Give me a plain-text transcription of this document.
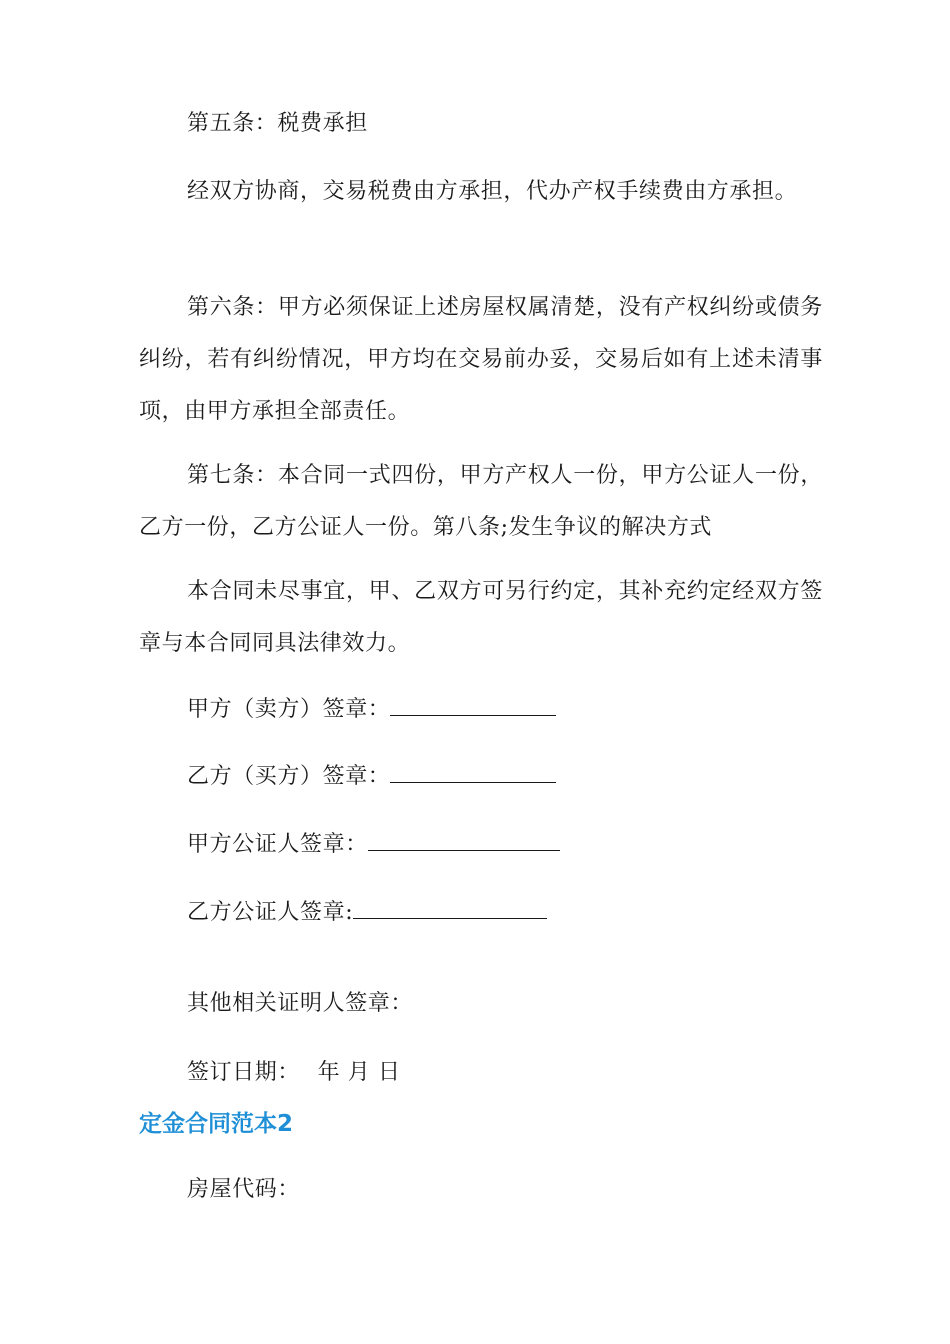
第五条：税费承担

经双方协商，交易税费由方承担，代办产权手续费由方承担。

第六条：甲方必须保证上述房屋权属清楚，没有产权纠纷或债务纠纷，若有纠纷情况，甲方均在交易前办妥，交易后如有上述未清事项，由甲方承担全部责任。

第七条：本合同一式四份，甲方产权人一份，甲方公证人一份，乙方一份，乙方公证人一份。第八条;发生争议的解决方式

本合同未尽事宜，甲、乙双方可另行约定，其补充约定经双方签章与本合同同具法律效力。

甲方（卖方）签章：
乙方（买方）签章：
甲方公证人签章：
乙方公证人签章:

其他相关证明人签章：

签订日期： 年 月 日
定金合同范本2

房屋代码：
